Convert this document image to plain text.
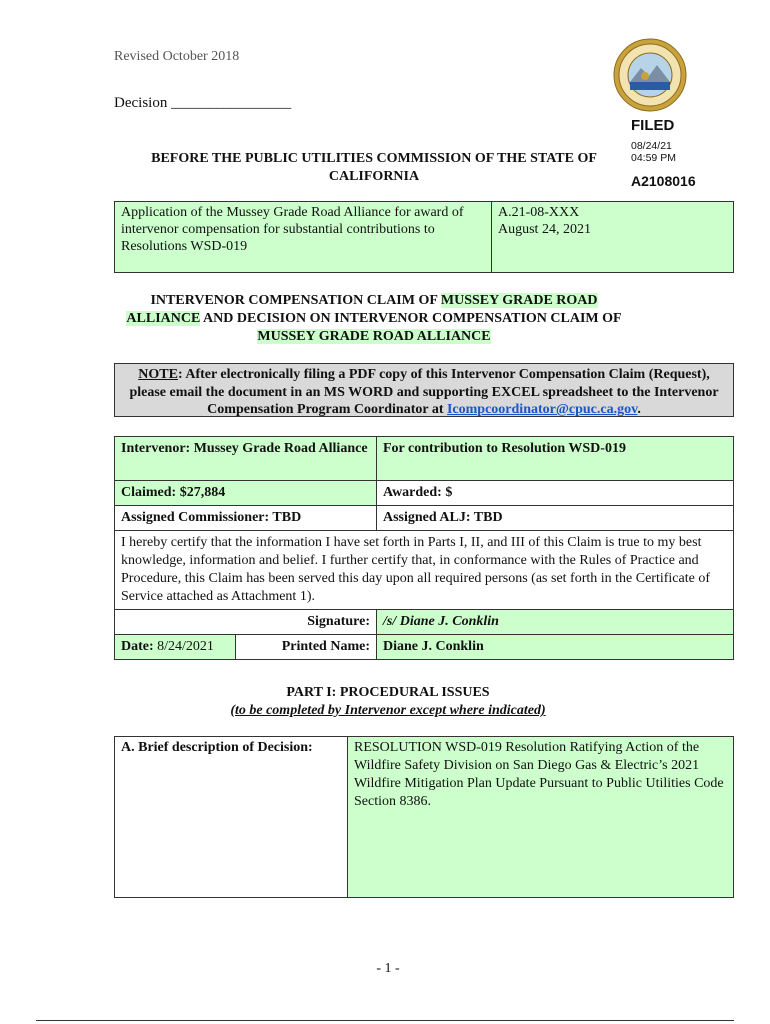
Revised October 2018
Decision ________________
FILED
08/24/21
04:59 PM
A2108016
BEFORE THE PUBLIC UTILITIES COMMISSION OF THE STATE OF
CALIFORNIA
Application of the Mussey Grade Road Alliance for award of intervenor compensation for substantial contributions to Resolutions WSD-019	
A.21-08-XXX
August 24, 2021
INTERVENOR COMPENSATION CLAIM OF MUSSEY GRADE ROAD
ALLIANCE AND DECISION ON INTERVENOR COMPENSATION CLAIM OF
MUSSEY GRADE ROAD ALLIANCE
NOTE: After electronically filing a PDF copy of this Intervenor Compensation Claim (Request), please email the document in an MS WORD and supporting EXCEL spreadsheet to the Intervenor Compensation Program Coordinator at Icompcoordinator@cpuc.ca.gov.
Intervenor: Mussey Grade Road Alliance		For contribution to Resolution WSD-019
Claimed: $27,884		Awarded: $
Assigned Commissioner: TBD		Assigned ALJ: TBD
I hereby certify that the information I have set forth in Parts I, II, and III of this Claim is true to my best knowledge, information and belief. I further certify that, in conformance with the Rules of Practice and Procedure, this Claim has been served this day upon all required persons (as set forth in the Certificate of Service attached as Attachment 1).		
Signature:		/s/ Diane J. Conklin
Date: 8/24/2021	Printed Name:	Diane J. Conklin
PART I: PROCEDURAL ISSUES
(to be completed by Intervenor except where indicated)
A. Brief description of Decision:	RESOLUTION WSD-019 Resolution Ratifying Action of the Wildfire Safety Division on San Diego Gas & Electric’s 2021 Wildfire Mitigation Plan Update Pursuant to Public Utilities Code Section 8386.
- 1 -
